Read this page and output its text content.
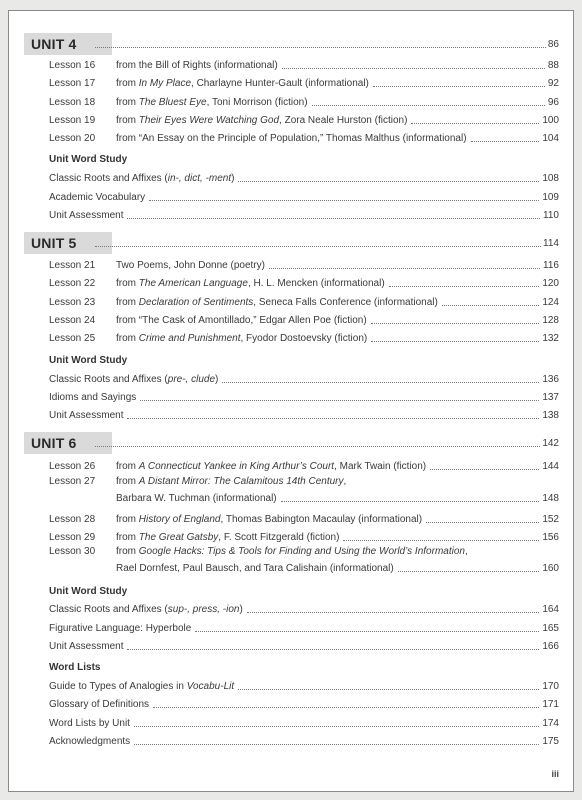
UNIT 4	86
Lesson 16	from the Bill of Rights (informational)	88
Lesson 17	from In My Place, Charlayne Hunter-Gault (informational)	92
Lesson 18	from The Bluest Eye, Toni Morrison (fiction)	96
Lesson 19	from Their Eyes Were Watching God, Zora Neale Hurston (fiction)	100
Lesson 20	from “An Essay on the Principle of Population,” Thomas Malthus (informational)	104
Unit Word Study
Classic Roots and Affixes (in-, dict, -ment)	108
Academic Vocabulary	109
Unit Assessment	110
UNIT 5	114
Lesson 21	Two Poems, John Donne (poetry)	116
Lesson 22	from The American Language, H. L. Mencken (informational)	120
Lesson 23	from Declaration of Sentiments, Seneca Falls Conference (informational)	124
Lesson 24	from “The Cask of Amontillado,” Edgar Allen Poe (fiction)	128
Lesson 25	from Crime and Punishment, Fyodor Dostoevsky (fiction)	132
Unit Word Study
Classic Roots and Affixes (pre-, clude)	136
Idioms and Sayings	137
Unit Assessment	138
UNIT 6	142
Lesson 26	from A Connecticut Yankee in King Arthur’s Court, Mark Twain (fiction)	144
Lesson 27	from A Distant Mirror: The Calamitous 14th Century,
Barbara W. Tuchman (informational)	148
Lesson 28	from History of England, Thomas Babington Macaulay (informational)	152
Lesson 29	from The Great Gatsby, F. Scott Fitzgerald (fiction)	156
Lesson 30	from Google Hacks: Tips & Tools for Finding and Using the World’s Information,
Rael Dornfest, Paul Bausch, and Tara Calishain (informational)	160
Unit Word Study
Classic Roots and Affixes (sup-, press, -ion)	164
Figurative Language: Hyperbole	165
Unit Assessment	166
Word Lists
Guide to Types of Analogies in Vocabu-Lit	170
Glossary of Definitions	171
Word Lists by Unit	174
Acknowledgments	175
iii
